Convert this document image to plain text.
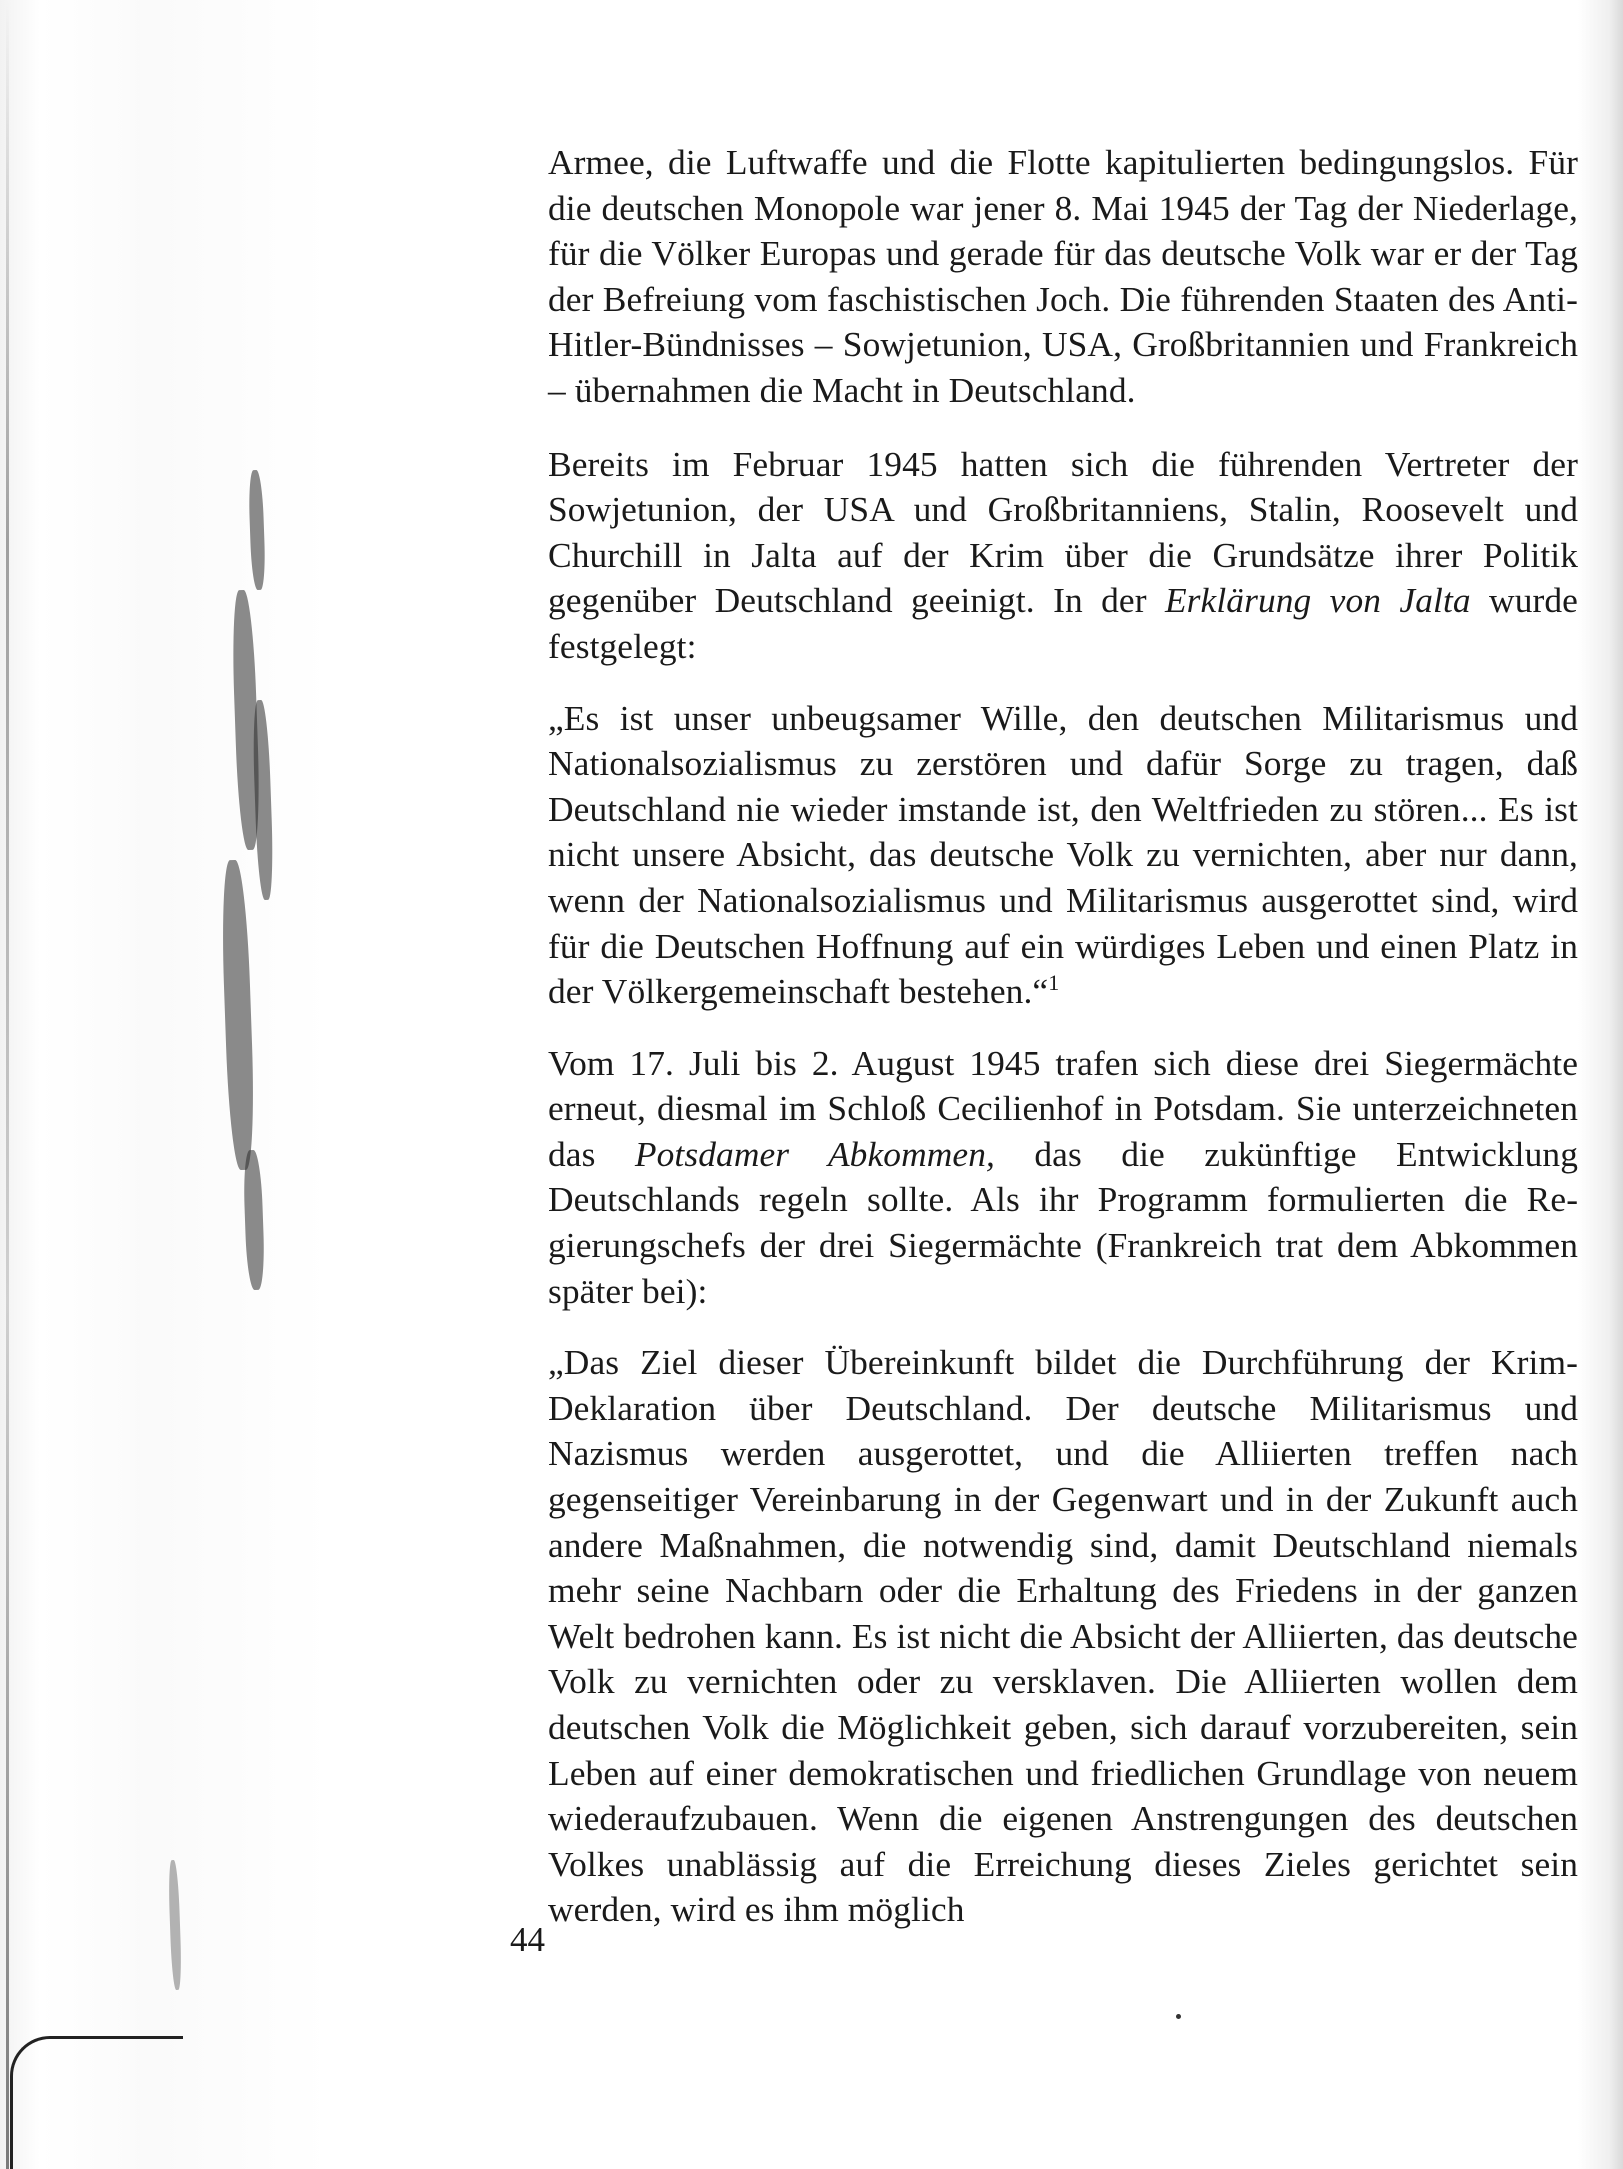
Armee, die Luftwaffe und die Flotte kapitulierten bedingungslos. Für die deutschen Monopole war jener 8. Mai 1945 der Tag der Niederlage, für die Völker Europas und gerade für das deutsche Volk war er der Tag der Befreiung vom faschistischen Joch. Die führenden Staaten des Anti-Hitler-Bündnisses – Sowjetunion, USA, Großbritannien und Frankreich – übernahmen die Macht in Deutschland.

Bereits im Februar 1945 hatten sich die führenden Vertreter der Sowjetunion, der USA und Großbritanniens, Stalin, Roosevelt und Churchill in Jalta auf der Krim über die Grundsätze ihrer Politik gegenüber Deutschland geeinigt. In der Erklärung von Jalta wurde festgelegt:

„Es ist unser unbeugsamer Wille, den deutschen Militarismus und Nationalsozialismus zu zerstören und dafür Sorge zu tragen, daß Deutschland nie wieder imstande ist, den Weltfrieden zu stören... Es ist nicht unsere Absicht, das deutsche Volk zu vernichten, aber nur dann, wenn der Nationalsozialismus und Militarismus ausgerottet sind, wird für die Deutschen Hoffnung auf ein würdiges Leben und einen Platz in der Völkergemeinschaft bestehen.“$^1$

Vom 17. Juli bis 2. August 1945 trafen sich diese drei Siegermächte erneut, diesmal im Schloß Cecilienhof in Potsdam. Sie unterzeichneten das Potsdamer Abkommen, das die zukünftige Entwicklung Deutschlands regeln sollte. Als ihr Programm formulierten die Regierungschefs der drei Siegermächte (Frankreich trat dem Abkommen später bei):

„Das Ziel dieser Übereinkunft bildet die Durchführung der Krim-Deklaration über Deutschland. Der deutsche Militarismus und Nazismus werden ausgerottet, und die Alliierten treffen nach gegenseitiger Vereinbarung in der Gegenwart und in der Zukunft auch andere Maßnahmen, die notwendig sind, damit Deutschland niemals mehr seine Nachbarn oder die Erhaltung des Friedens in der ganzen Welt bedrohen kann. Es ist nicht die Absicht der Alliierten, das deutsche Volk zu vernichten oder zu versklaven. Die Alliierten wollen dem deutschen Volk die Möglichkeit geben, sich darauf vorzubereiten, sein Leben auf einer demokratischen und friedlichen Grundlage von neuem wiederaufzubauen. Wenn die eigenen Anstrengungen des deutschen Volkes unablässig auf die Erreichung dieses Zieles gerichtet sein werden, wird es ihm möglich

44
